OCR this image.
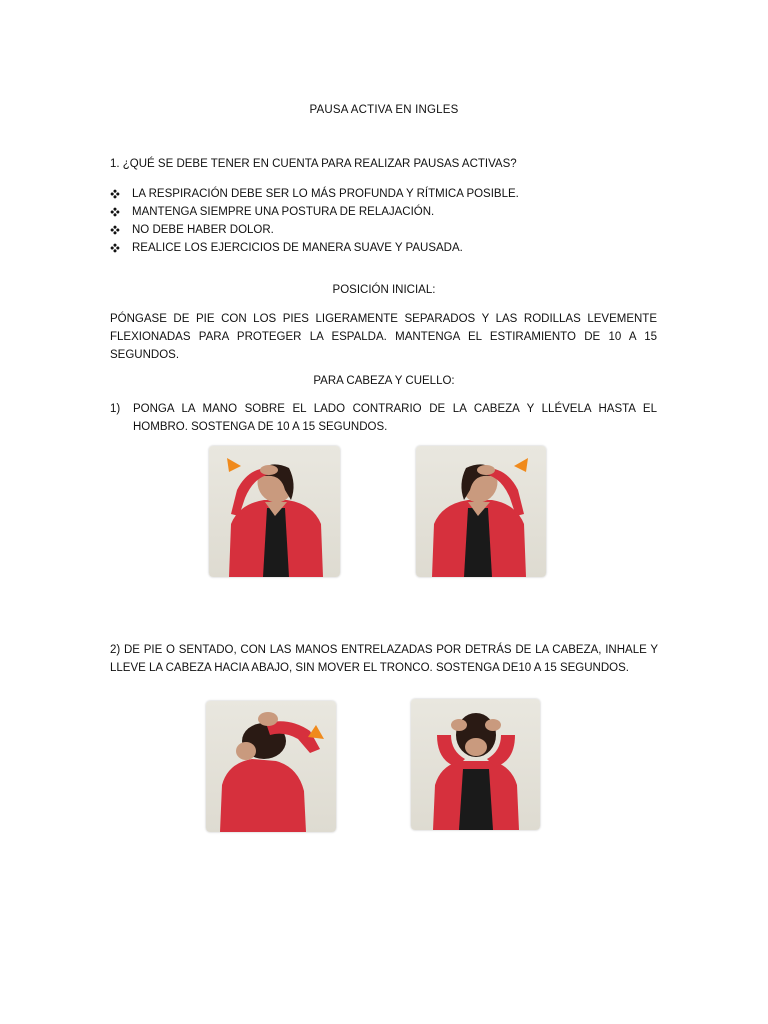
PAUSA ACTIVA EN INGLES
1. ¿QUÉ SE DEBE TENER EN CUENTA PARA REALIZAR PAUSAS ACTIVAS?
LA RESPIRACIÓN DEBE SER LO MÁS PROFUNDA Y RÍTMICA POSIBLE.
MANTENGA SIEMPRE UNA POSTURA DE RELAJACIÓN.
NO DEBE HABER DOLOR.
REALICE LOS EJERCICIOS DE MANERA SUAVE Y PAUSADA.
POSICIÓN INICIAL:
PÓNGASE DE PIE CON LOS PIES LIGERAMENTE SEPARADOS Y LAS RODILLAS LEVEMENTE FLEXIONADAS PARA PROTEGER LA ESPALDA. MANTENGA EL ESTIRAMIENTO DE 10 A 15 SEGUNDOS.
PARA CABEZA Y CUELLO:
1) PONGA LA MANO SOBRE EL LADO CONTRARIO DE LA CABEZA Y LLÉVELA HASTA EL HOMBRO. SOSTENGA DE 10 A 15 SEGUNDOS.
2) DE PIE O SENTADO, CON LAS MANOS ENTRELAZADAS POR DETRÁS DE LA CABEZA, INHALE Y LLEVE LA CABEZA HACIA ABAJO, SIN MOVER EL TRONCO. SOSTENGA DE10 A 15 SEGUNDOS.
